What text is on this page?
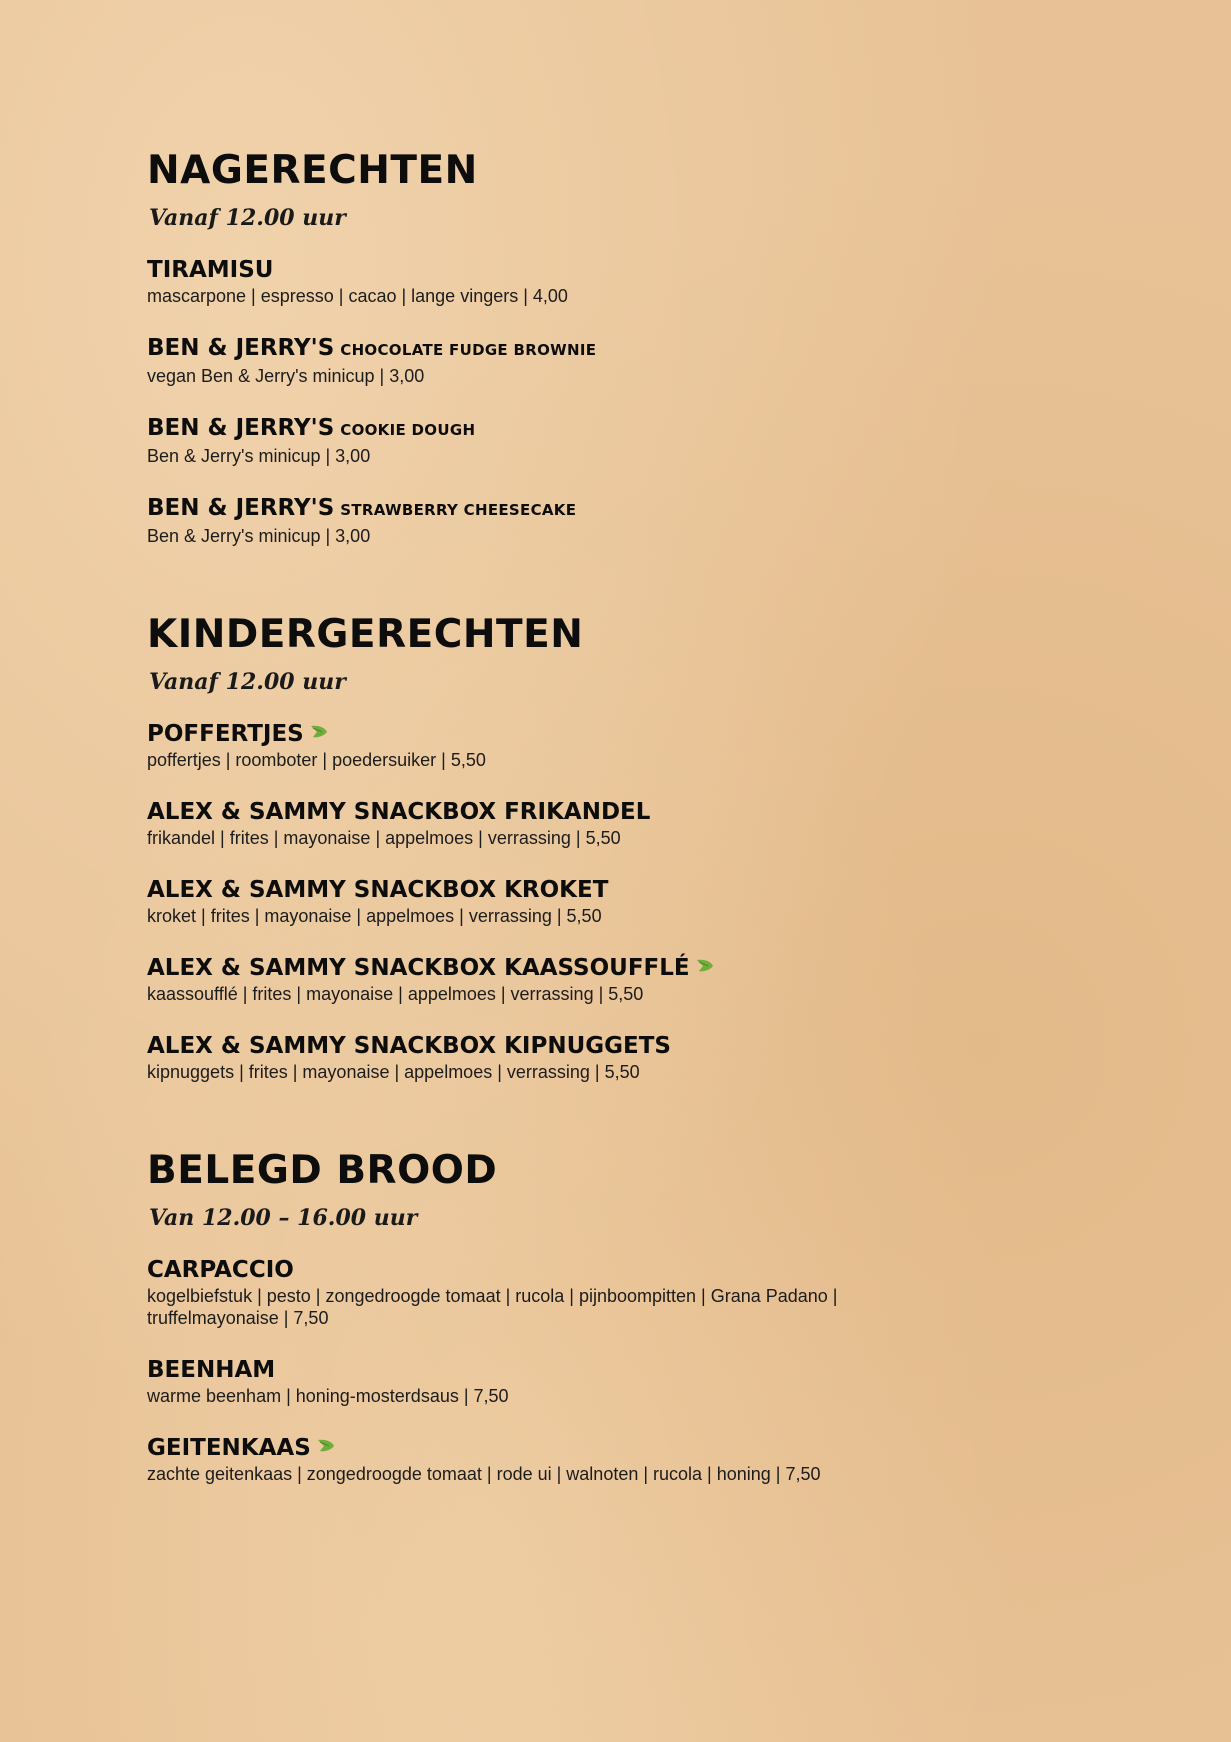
NAGERECHTEN
Vanaf 12.00 uur
TIRAMISU
mascarpone | espresso | cacao | lange vingers | 4,00
BEN & JERRY'S CHOCOLATE FUDGE BROWNIE
vegan Ben & Jerry's minicup | 3,00
BEN & JERRY'S COOKIE DOUGH
Ben & Jerry's minicup | 3,00
BEN & JERRY'S STRAWBERRY CHEESECAKE
Ben & Jerry's minicup | 3,00
KINDERGERECHTEN
Vanaf 12.00 uur
POFFERTJES
poffertjes | roomboter | poedersuiker | 5,50
ALEX & SAMMY SNACKBOX FRIKANDEL
frikandel | frites | mayonaise | appelmoes | verrassing | 5,50
ALEX & SAMMY SNACKBOX KROKET
kroket | frites | mayonaise | appelmoes | verrassing | 5,50
ALEX & SAMMY SNACKBOX KAASSOUFFLÉ
kaassoufflé | frites | mayonaise | appelmoes | verrassing | 5,50
ALEX & SAMMY SNACKBOX KIPNUGGETS
kipnuggets | frites | mayonaise | appelmoes | verrassing | 5,50
BELEGD BROOD
Van 12.00 – 16.00 uur
CARPACCIO
kogelbiefstuk | pesto | zongedroogde tomaat | rucola | pijnboompitten | Grana Padano | truffelmayonaise | 7,50
BEENHAM
warme beenham | honing-mosterdsaus | 7,50
GEITENKAAS
zachte geitenkaas | zongedroogde tomaat | rode ui | walnoten | rucola | honing | 7,50
